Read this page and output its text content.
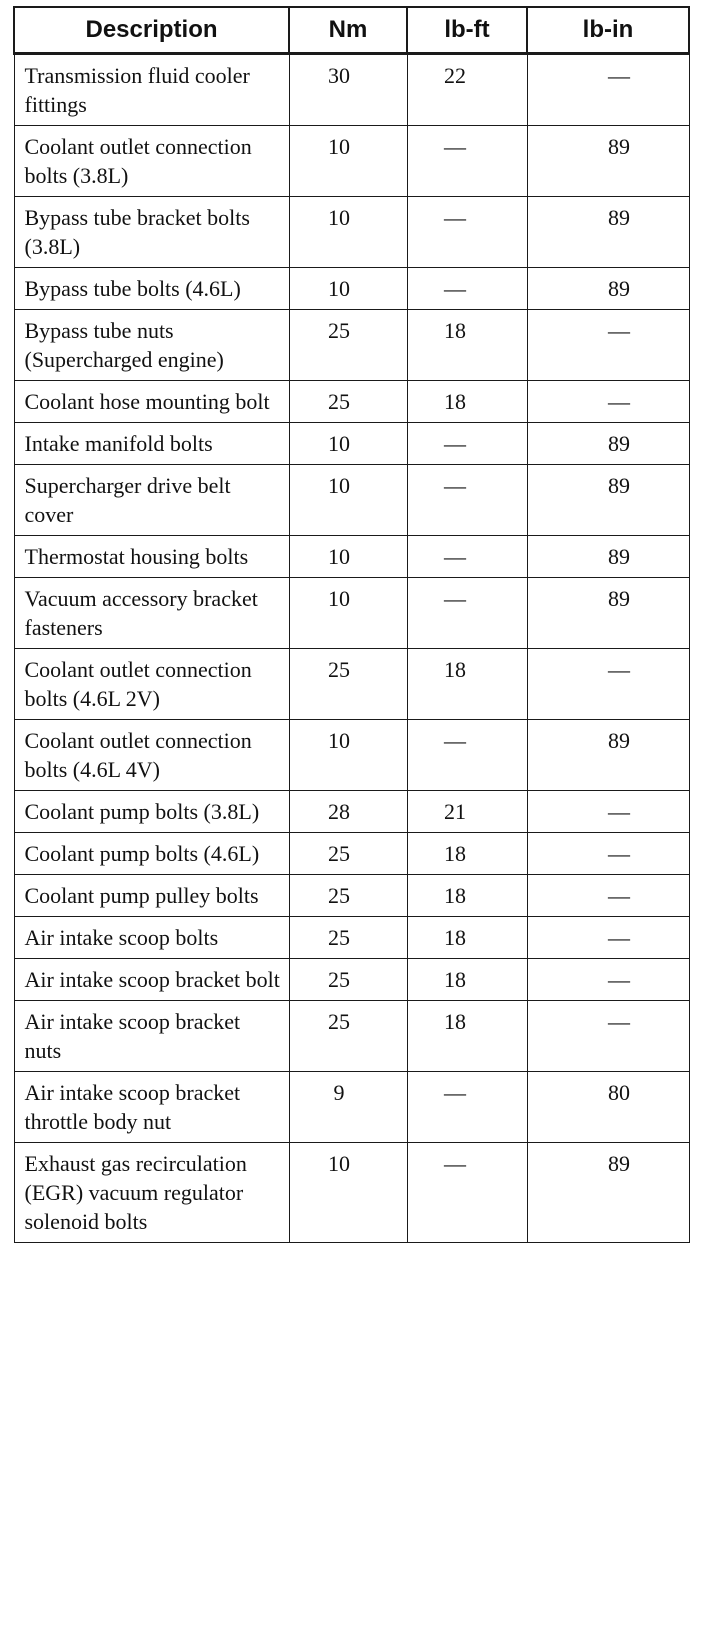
Description	Nm	lb-ft	lb-in
Transmission fluid cooler fittings	30	22	—
Coolant outlet connection bolts (3.8L)	10	—	89
Bypass tube bracket bolts (3.8L)	10	—	89
Bypass tube bolts (4.6L)	10	—	89
Bypass tube nuts (Supercharged engine)	25	18	—
Coolant hose mounting bolt	25	18	—
Intake manifold bolts	10	—	89
Supercharger drive belt cover	10	—	89
Thermostat housing bolts	10	—	89
Vacuum accessory bracket fasteners	10	—	89
Coolant outlet connection bolts (4.6L 2V)	25	18	—
Coolant outlet connection bolts (4.6L 4V)	10	—	89
Coolant pump bolts (3.8L)	28	21	—
Coolant pump bolts (4.6L)	25	18	—
Coolant pump pulley bolts	25	18	—
Air intake scoop bolts	25	18	—
Air intake scoop bracket bolt	25	18	—
Air intake scoop bracket nuts	25	18	—
Air intake scoop bracket throttle body nut	9	—	80
Exhaust gas recirculation (EGR) vacuum regulator solenoid bolts	10	—	89
